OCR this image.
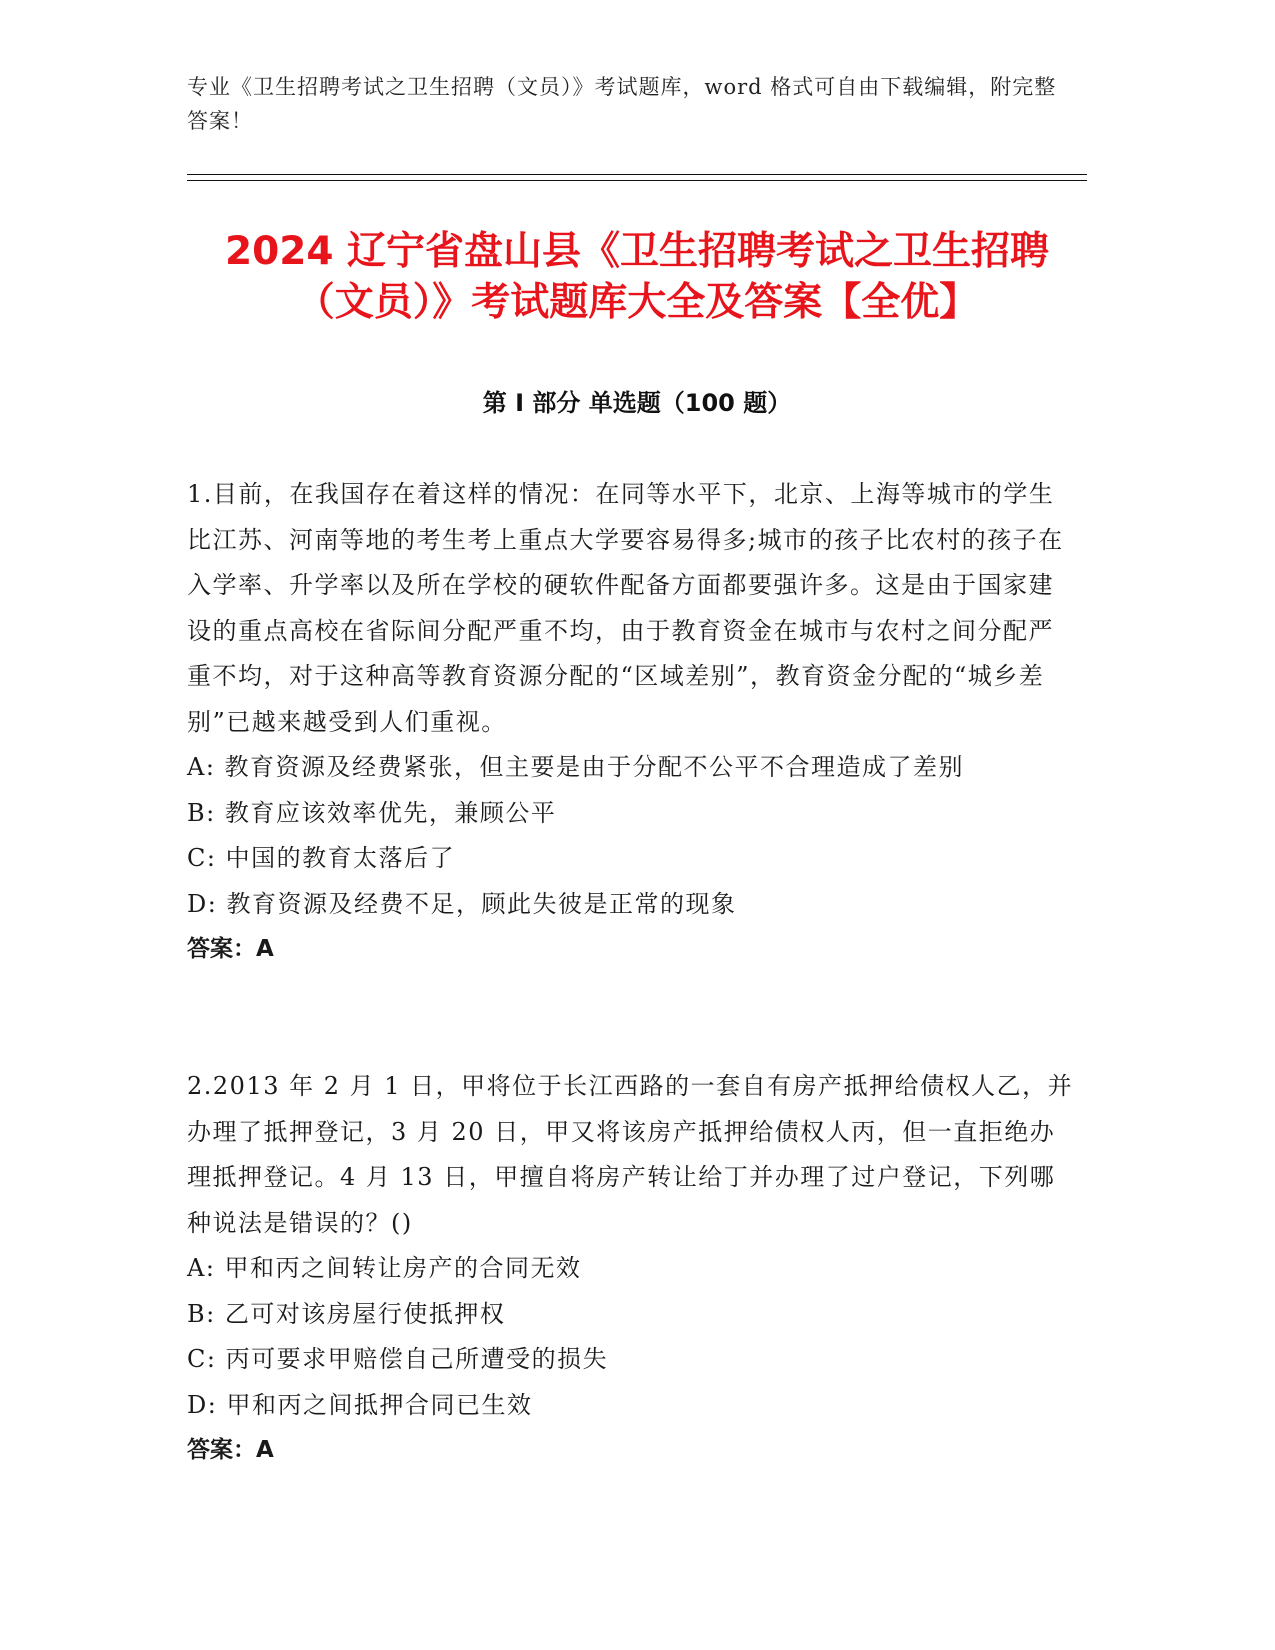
专业《卫生招聘考试之卫生招聘（文员）》考试题库，word 格式可自由下载编辑，附完整答案！
2024 辽宁省盘山县《卫生招聘考试之卫生招聘（文员）》考试题库大全及答案【全优】
第 I 部分 单选题（100 题）
1.目前，在我国存在着这样的情况：在同等水平下，北京、上海等城市的学生比江苏、河南等地的考生考上重点大学要容易得多;城市的孩子比农村的孩子在入学率、升学率以及所在学校的硬软件配备方面都要强许多。这是由于国家建设的重点高校在省际间分配严重不均，由于教育资金在城市与农村之间分配严重不均，对于这种高等教育资源分配的“区域差别”，教育资金分配的“城乡差别”已越来越受到人们重视。
A: 教育资源及经费紧张，但主要是由于分配不公平不合理造成了差别
B: 教育应该效率优先，兼顾公平
C: 中国的教育太落后了
D: 教育资源及经费不足，顾此失彼是正常的现象
答案：A
2.2013 年 2 月 1 日，甲将位于长江西路的一套自有房产抵押给债权人乙，并办理了抵押登记，3 月 20 日，甲又将该房产抵押给债权人丙，但一直拒绝办理抵押登记。4 月 13 日，甲擅自将房产转让给丁并办理了过户登记，下列哪种说法是错误的？()
A: 甲和丙之间转让房产的合同无效
B: 乙可对该房屋行使抵押权
C: 丙可要求甲赔偿自己所遭受的损失
D: 甲和丙之间抵押合同已生效
答案：A
